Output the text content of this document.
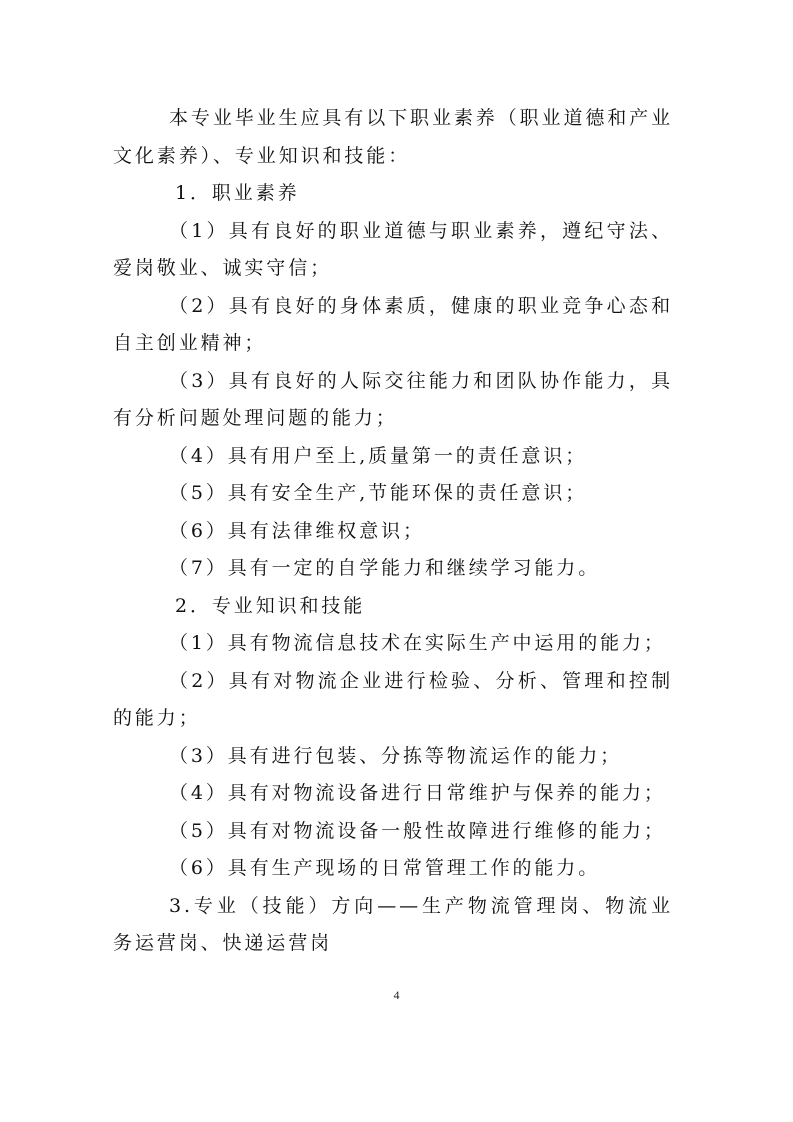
本专业毕业生应具有以下职业素养（职业道德和产业文化素养）、专业知识和技能：

1．职业素养

（1）具有良好的职业道德与职业素养，遵纪守法、爱岗敬业、诚实守信；

（2）具有良好的身体素质，健康的职业竞争心态和自主创业精神；

（3）具有良好的人际交往能力和团队协作能力，具有分析问题处理问题的能力；

（4）具有用户至上,质量第一的责任意识；

（5）具有安全生产,节能环保的责任意识；

（6）具有法律维权意识；

（7）具有一定的自学能力和继续学习能力。

2．专业知识和技能

（1）具有物流信息技术在实际生产中运用的能力；

（2）具有对物流企业进行检验、分析、管理和控制的能力；

（3）具有进行包装、分拣等物流运作的能力；

（4）具有对物流设备进行日常维护与保养的能力；

（5）具有对物流设备一般性故障进行维修的能力；

（6）具有生产现场的日常管理工作的能力。

3.专业（技能）方向——生产物流管理岗、物流业务运营岗、快递运营岗

4
